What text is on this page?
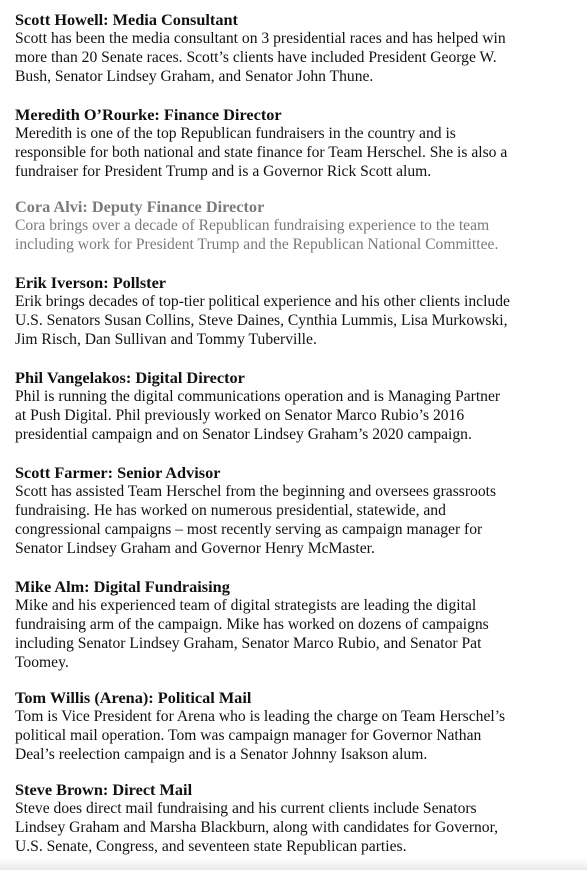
Scott Howell: Media Consultant

Scott has been the media consultant on 3 presidential races and has helped win
more than 20 Senate races. Scott’s clients have included President George W.
Bush, Senator Lindsey Graham, and Senator John Thune.

Meredith O’Rourke: Finance Director

Meredith is one of the top Republican fundraisers in the country and is
responsible for both national and state finance for Team Herschel. She is also a
fundraiser for President Trump and is a Governor Rick Scott alum.

Cora Alvi: Deputy Finance Director

Cora brings over a decade of Republican fundraising experience to the team
including work for President Trump and the Republican National Committee.

Erik Iverson: Pollster

Erik brings decades of top-tier political experience and his other clients include
U.S. Senators Susan Collins, Steve Daines, Cynthia Lummis, Lisa Murkowski,
Jim Risch, Dan Sullivan and Tommy Tuberville.

Phil Vangelakos: Digital Director

Phil is running the digital communications operation and is Managing Partner
at Push Digital. Phil previously worked on Senator Marco Rubio’s 2016
presidential campaign and on Senator Lindsey Graham’s 2020 campaign.

Scott Farmer: Senior Advisor

Scott has assisted Team Herschel from the beginning and oversees grassroots
fundraising. He has worked on numerous presidential, statewide, and
congressional campaigns – most recently serving as campaign manager for
Senator Lindsey Graham and Governor Henry McMaster.

Mike Alm: Digital Fundraising

Mike and his experienced team of digital strategists are leading the digital
fundraising arm of the campaign. Mike has worked on dozens of campaigns
including Senator Lindsey Graham, Senator Marco Rubio, and Senator Pat
Toomey.

Tom Willis (Arena): Political Mail

Tom is Vice President for Arena who is leading the charge on Team Herschel’s
political mail operation. Tom was campaign manager for Governor Nathan
Deal’s reelection campaign and is a Senator Johnny Isakson alum.

Steve Brown: Direct Mail

Steve does direct mail fundraising and his current clients include Senators
Lindsey Graham and Marsha Blackburn, along with candidates for Governor,
U.S. Senate, Congress, and seventeen state Republican parties.
